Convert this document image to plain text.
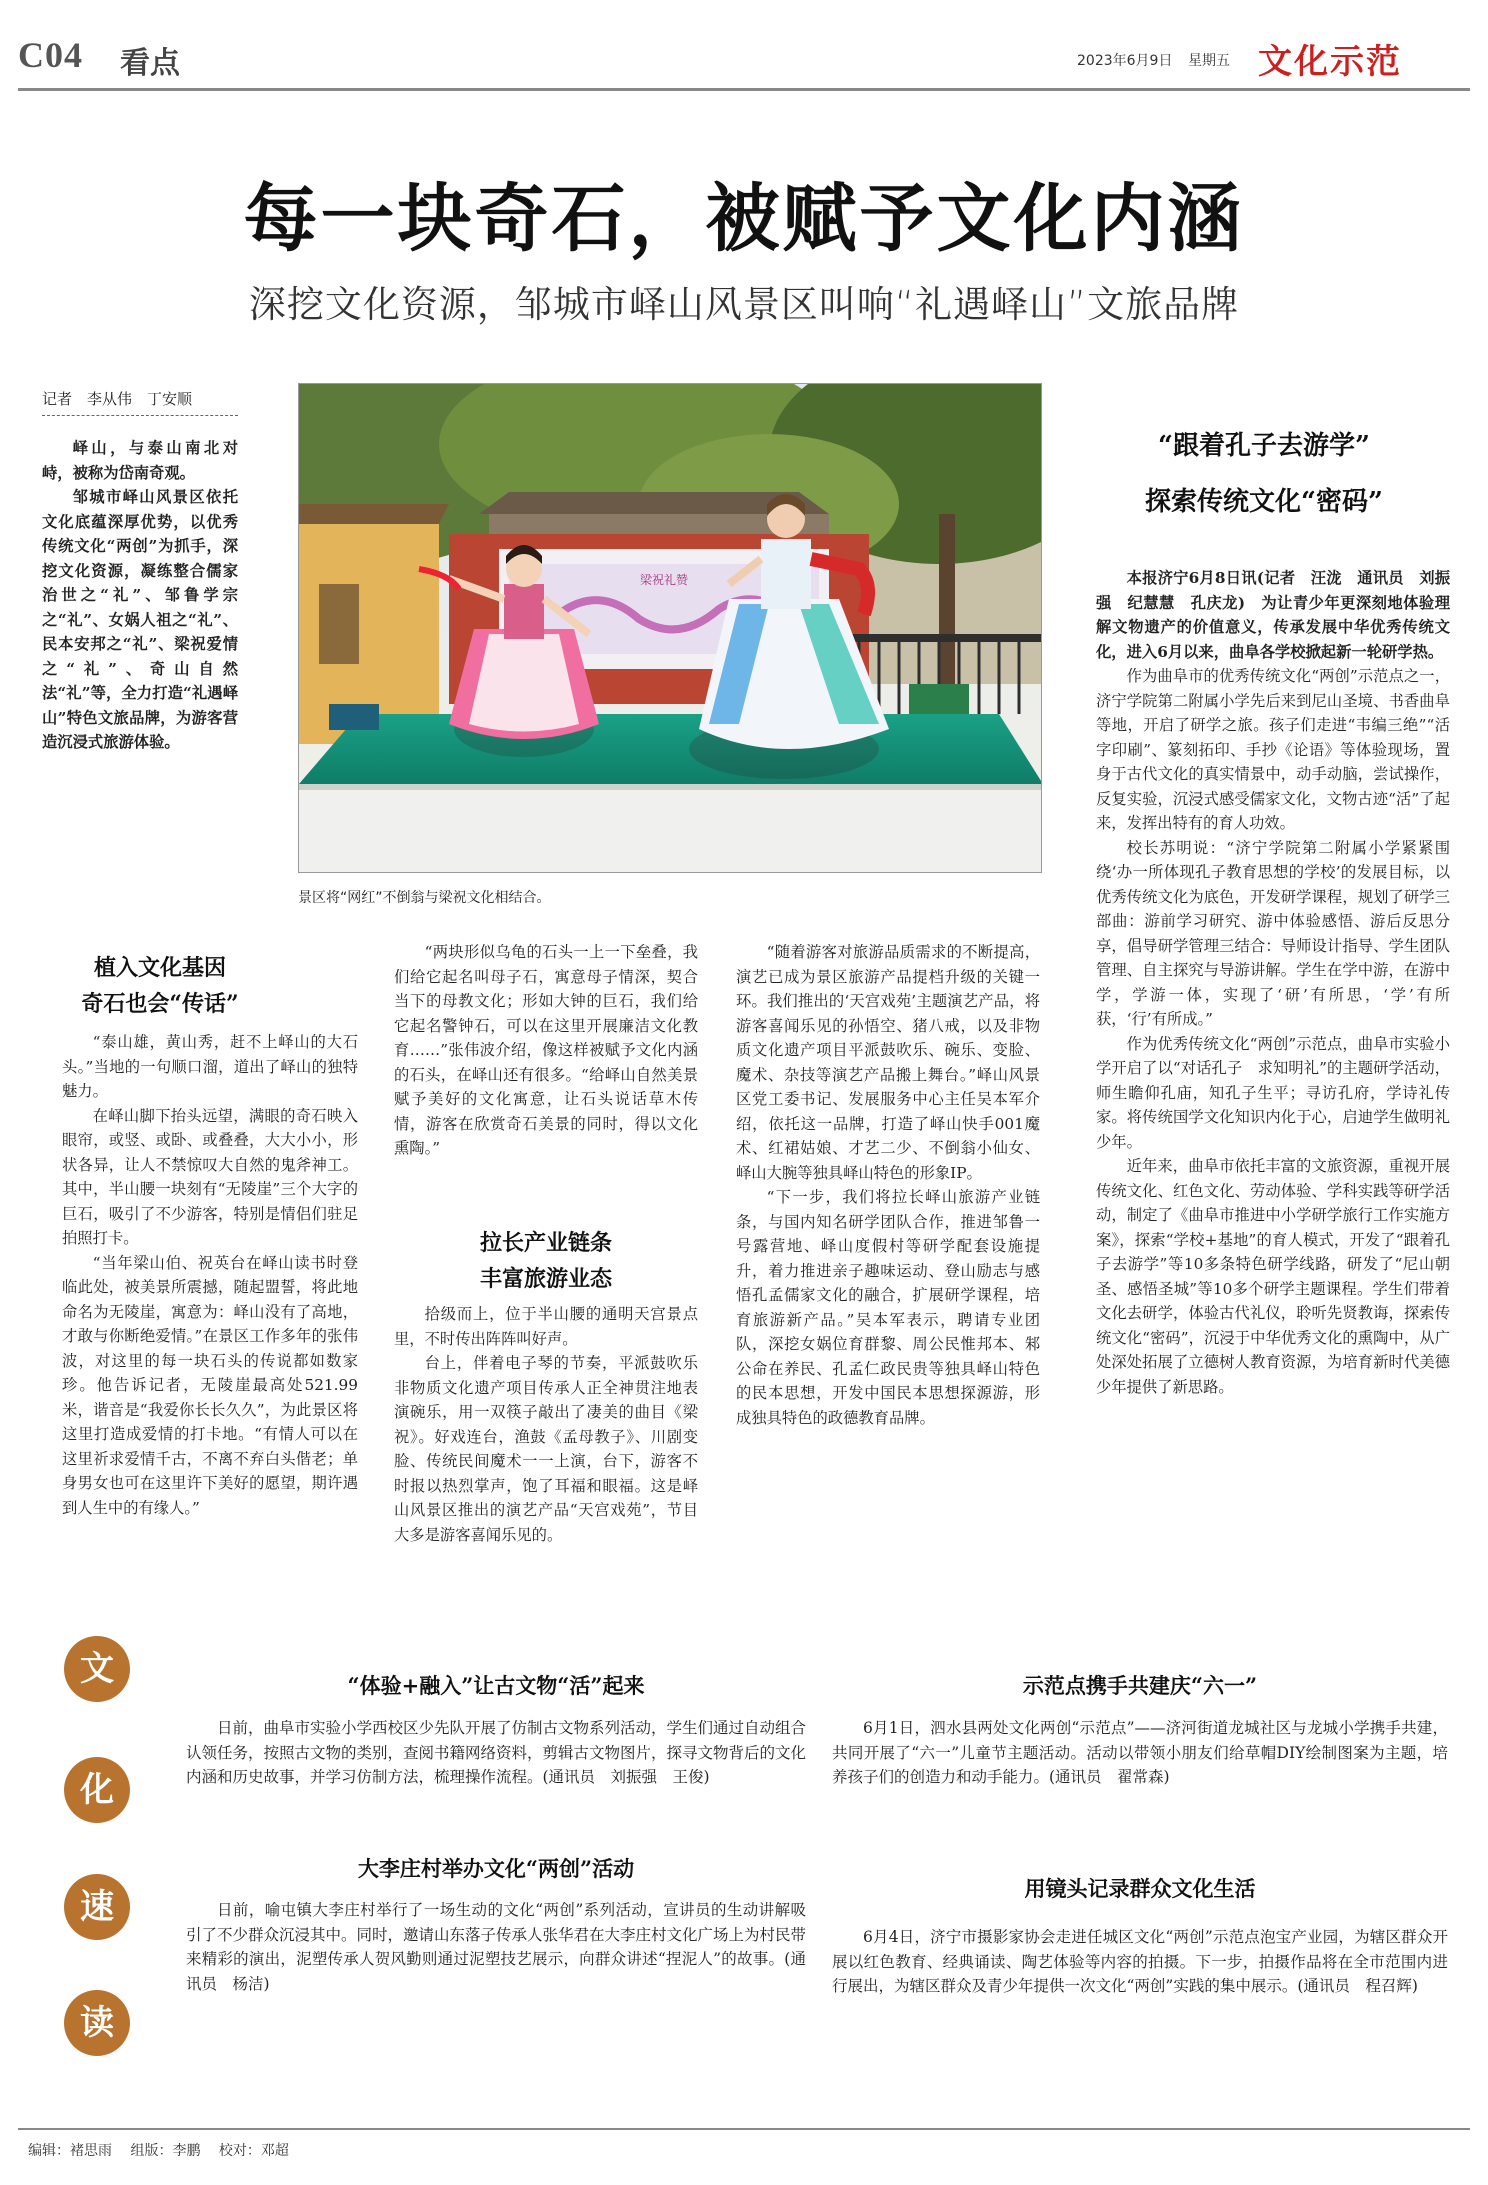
C04 看点	2023年6月9日 星期五 文化示范
每一块奇石，被赋予文化内涵
深挖文化资源，邹城市峄山风景区叫响“礼遇峄山”文旅品牌
记者　李从伟　丁安顺

峄山，与泰山南北对峙，被称为岱南奇观。

邹城市峄山风景区依托文化底蕴深厚优势，以优秀传统文化“两创”为抓手，深挖文化资源，凝练整合儒家治世之“礼”、邹鲁学宗之“礼”、女娲人祖之“礼”、民本安邦之“礼”、梁祝爱情之“礼”、奇山自然法“礼”等，全力打造“礼遇峄山”特色文旅品牌，为游客营造沉浸式旅游体验。

梁祝礼赞
景区将“网红”不倒翁与梁祝文化相结合。
植入文化基因
奇石也会“传话”

“泰山雄，黄山秀，赶不上峄山的大石头。”当地的一句顺口溜，道出了峄山的独特魅力。

在峄山脚下抬头远望，满眼的奇石映入眼帘，或竖、或卧、或叠叠，大大小小，形状各异，让人不禁惊叹大自然的鬼斧神工。其中，半山腰一块刻有“无陵崖”三个大字的巨石，吸引了不少游客，特别是情侣们驻足拍照打卡。

“当年梁山伯、祝英台在峄山读书时登临此处，被美景所震撼，随起盟誓，将此地命名为无陵崖，寓意为：峄山没有了高地，才敢与你断绝爱情。”在景区工作多年的张伟波，对这里的每一块石头的传说都如数家珍。他告诉记者，无陵崖最高处521.99米，谐音是“我爱你长长久久”，为此景区将这里打造成爱情的打卡地。“有情人可以在这里祈求爱情千古，不离不弃白头偕老；单身男女也可在这里许下美好的愿望，期许遇到人生中的有缘人。”

“两块形似乌龟的石头一上一下垒叠，我们给它起名叫母子石，寓意母子情深，契合当下的母教文化；形如大钟的巨石，我们给它起名警钟石，可以在这里开展廉洁文化教育……”张伟波介绍，像这样被赋予文化内涵的石头，在峄山还有很多。“给峄山自然美景赋予美好的文化寓意，让石头说话草木传情，游客在欣赏奇石美景的同时，得以文化熏陶。”

拉长产业链条
丰富旅游业态

拾级而上，位于半山腰的通明天宫景点里，不时传出阵阵叫好声。

台上，伴着电子琴的节奏，平派鼓吹乐非物质文化遗产项目传承人正全神贯注地表演碗乐，用一双筷子敲出了凄美的曲目《梁祝》。好戏连台，渔鼓《孟母教子》、川剧变脸、传统民间魔术一一上演，台下，游客不时报以热烈掌声，饱了耳福和眼福。这是峄山风景区推出的演艺产品“天宫戏苑”，节目大多是游客喜闻乐见的。

“随着游客对旅游品质需求的不断提高，演艺已成为景区旅游产品提档升级的关键一环。我们推出的‘天宫戏苑’主题演艺产品，将游客喜闻乐见的孙悟空、猪八戒，以及非物质文化遗产项目平派鼓吹乐、碗乐、变脸、魔术、杂技等演艺产品搬上舞台。”峄山风景区党工委书记、发展服务中心主任吴本军介绍，依托这一品牌，打造了峄山快手001魔术、红裙姑娘、才艺二少、不倒翁小仙女、峄山大腕等独具峄山特色的形象IP。

“下一步，我们将拉长峄山旅游产业链条，与国内知名研学团队合作，推进邹鲁一号露营地、峄山度假村等研学配套设施提升，着力推进亲子趣味运动、登山励志与感悟孔孟儒家文化的融合，扩展研学课程，培育旅游新产品。”吴本军表示，聘请专业团队，深挖女娲位育群黎、周公民惟邦本、邾公命在养民、孔孟仁政民贵等独具峄山特色的民本思想，开发中国民本思想探源游，形成独具特色的政德教育品牌。

“跟着孔子去游学”
探索传统文化“密码”

本报济宁6月8日讯(记者　汪泷　通讯员　刘振强　纪慧慧　孔庆龙)　为让青少年更深刻地体验理解文物遗产的价值意义，传承发展中华优秀传统文化，进入6月以来，曲阜各学校掀起新一轮研学热。

作为曲阜市的优秀传统文化“两创”示范点之一，济宁学院第二附属小学先后来到尼山圣境、书香曲阜等地，开启了研学之旅。孩子们走进“韦编三绝”“活字印刷”、篆刻拓印、手抄《论语》等体验现场，置身于古代文化的真实情景中，动手动脑，尝试操作，反复实验，沉浸式感受儒家文化，文物古迹“活”了起来，发挥出特有的育人功效。

校长苏明说：“济宁学院第二附属小学紧紧围绕‘办一所体现孔子教育思想的学校’的发展目标，以优秀传统文化为底色，开发研学课程，规划了研学三部曲：游前学习研究、游中体验感悟、游后反思分享，倡导研学管理三结合：导师设计指导、学生团队管理、自主探究与导游讲解。学生在学中游，在游中学，学游一体，实现了‘研’有所思，‘学’有所获，‘行’有所成。”

作为优秀传统文化“两创”示范点，曲阜市实验小学开启了以“对话孔子　求知明礼”的主题研学活动，师生瞻仰孔庙，知孔子生平；寻访孔府，学诗礼传家。将传统国学文化知识内化于心，启迪学生做明礼少年。

近年来，曲阜市依托丰富的文旅资源，重视开展传统文化、红色文化、劳动体验、学科实践等研学活动，制定了《曲阜市推进中小学研学旅行工作实施方案》，探索“学校+基地”的育人模式，开发了“跟着孔子去游学”等10多条特色研学线路，研发了“尼山朝圣、感悟圣城”等10多个研学主题课程。学生们带着文化去研学，体验古代礼仪，聆听先贤教诲，探索传统文化“密码”，沉浸于中华优秀文化的熏陶中，从广处深处拓展了立德树人教育资源，为培育新时代美德少年提供了新思路。

文
化
速
读
“体验+融入”让古文物“活”起来

日前，曲阜市实验小学西校区少先队开展了仿制古文物系列活动，学生们通过自动组合认领任务，按照古文物的类别，查阅书籍网络资料，剪辑古文物图片，探寻文物背后的文化内涵和历史故事，并学习仿制方法，梳理操作流程。(通讯员　刘振强　王俊)

大李庄村举办文化“两创”活动

日前，喻屯镇大李庄村举行了一场生动的文化“两创”系列活动，宣讲员的生动讲解吸引了不少群众沉浸其中。同时，邀请山东落子传承人张华君在大李庄村文化广场上为村民带来精彩的演出，泥塑传承人贺风勤则通过泥塑技艺展示，向群众讲述“捏泥人”的故事。(通讯员　杨洁)

示范点携手共建庆“六一”

6月1日，泗水县两处文化两创“示范点”——济河街道龙城社区与龙城小学携手共建，共同开展了“六一”儿童节主题活动。活动以带领小朋友们给草帽DIY绘制图案为主题，培养孩子们的创造力和动手能力。(通讯员　翟常森)

用镜头记录群众文化生活

6月4日，济宁市摄影家协会走进任城区文化“两创”示范点泡宝产业园，为辖区群众开展以红色教育、经典诵读、陶艺体验等内容的拍摄。下一步，拍摄作品将在全市范围内进行展出，为辖区群众及青少年提供一次文化“两创”实践的集中展示。(通讯员　程召辉)

编辑：褚思雨 组版：李鹏 校对：邓超
